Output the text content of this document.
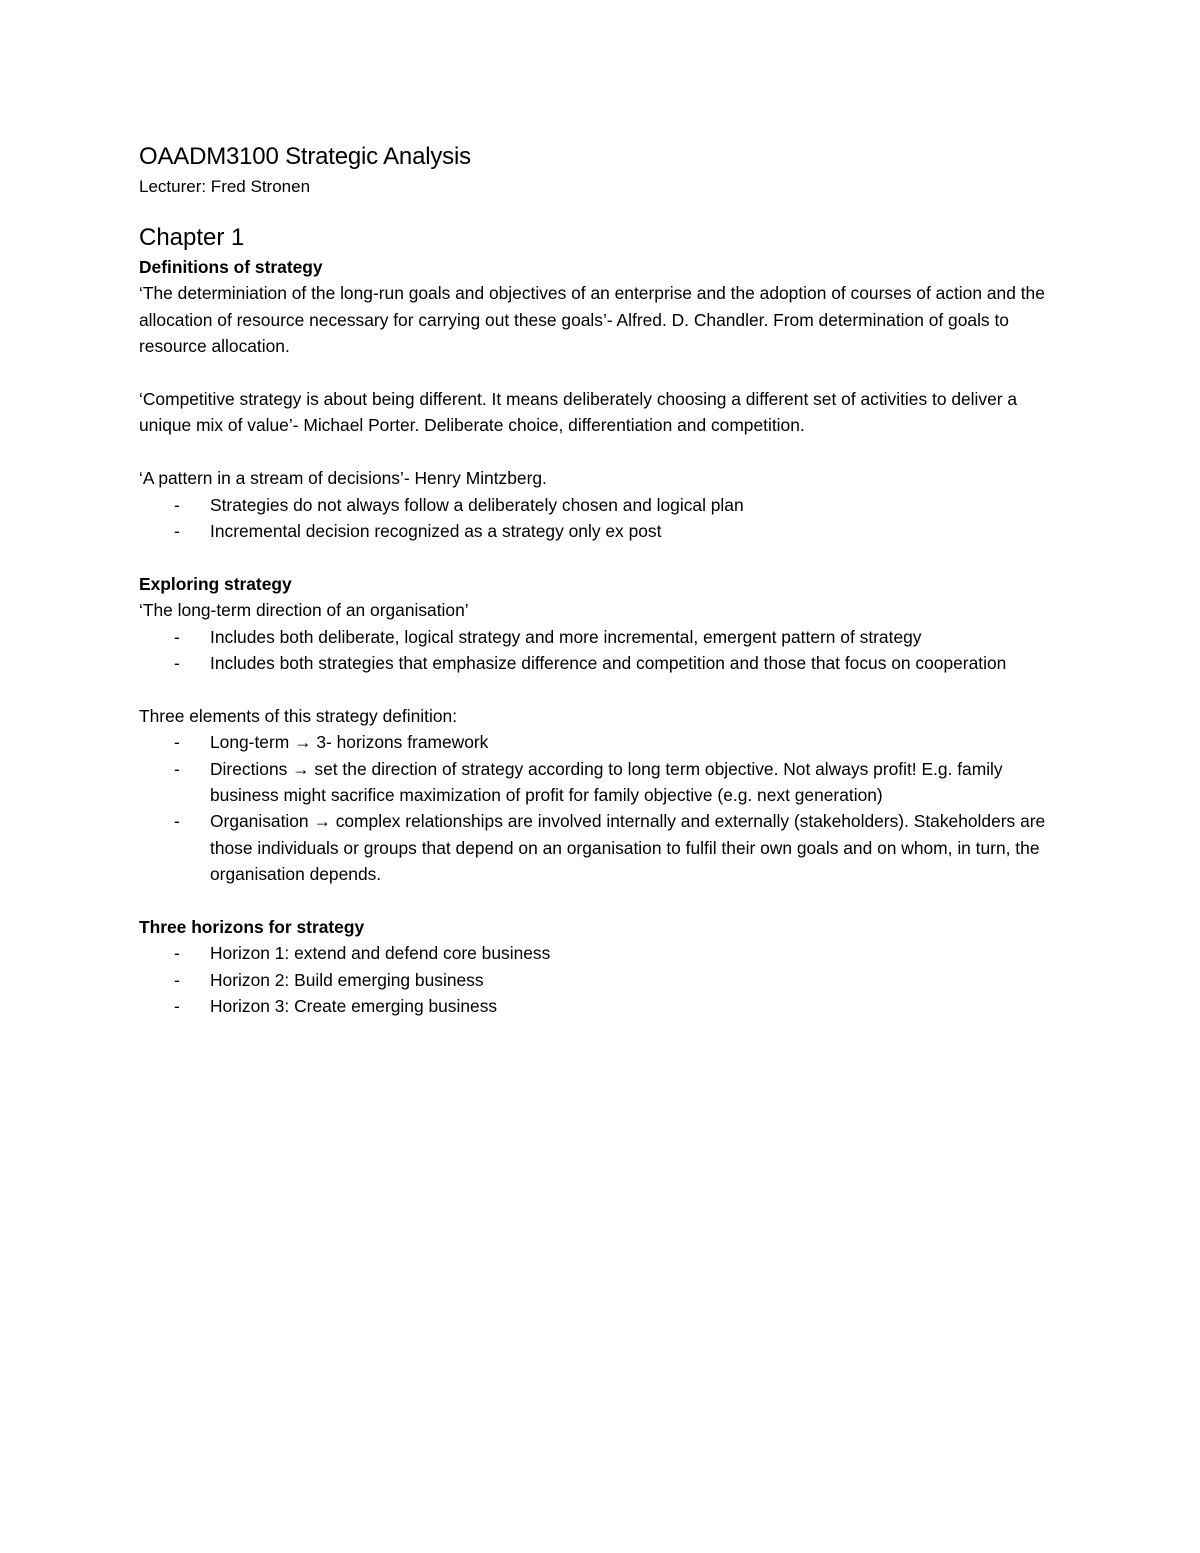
OAADM3100 Strategic Analysis

Lecturer: Fred Stronen

Chapter 1

Definitions of strategy

‘The determiniation of the long-run goals and objectives of an enterprise and the adoption of courses of action and the allocation of resource necessary for carrying out these goals’- Alfred. D. Chandler. From determination of goals to resource allocation.

‘Competitive strategy is about being different. It means deliberately choosing a different set of activities to deliver a unique mix of value’- Michael Porter. Deliberate choice, differentiation and competition.

‘A pattern in a stream of decisions’- Henry Mintzberg.

- Strategies do not always follow a deliberately chosen and logical plan
- Incremental decision recognized as a strategy only ex post

Exploring strategy

‘The long-term direction of an organisation’

- Includes both deliberate, logical strategy and more incremental, emergent pattern of strategy
- Includes both strategies that emphasize difference and competition and those that focus on cooperation

Three elements of this strategy definition:

- Long-term → 3- horizons framework
- Directions → set the direction of strategy according to long term objective. Not always profit! E.g. family business might sacrifice maximization of profit for family objective (e.g. next generation)
- Organisation → complex relationships are involved internally and externally (stakeholders). Stakeholders are those individuals or groups that depend on an organisation to fulfil their own goals and on whom, in turn, the organisation depends.

Three horizons for strategy

- Horizon 1: extend and defend core business
- Horizon 2: Build emerging business
- Horizon 3: Create emerging business
